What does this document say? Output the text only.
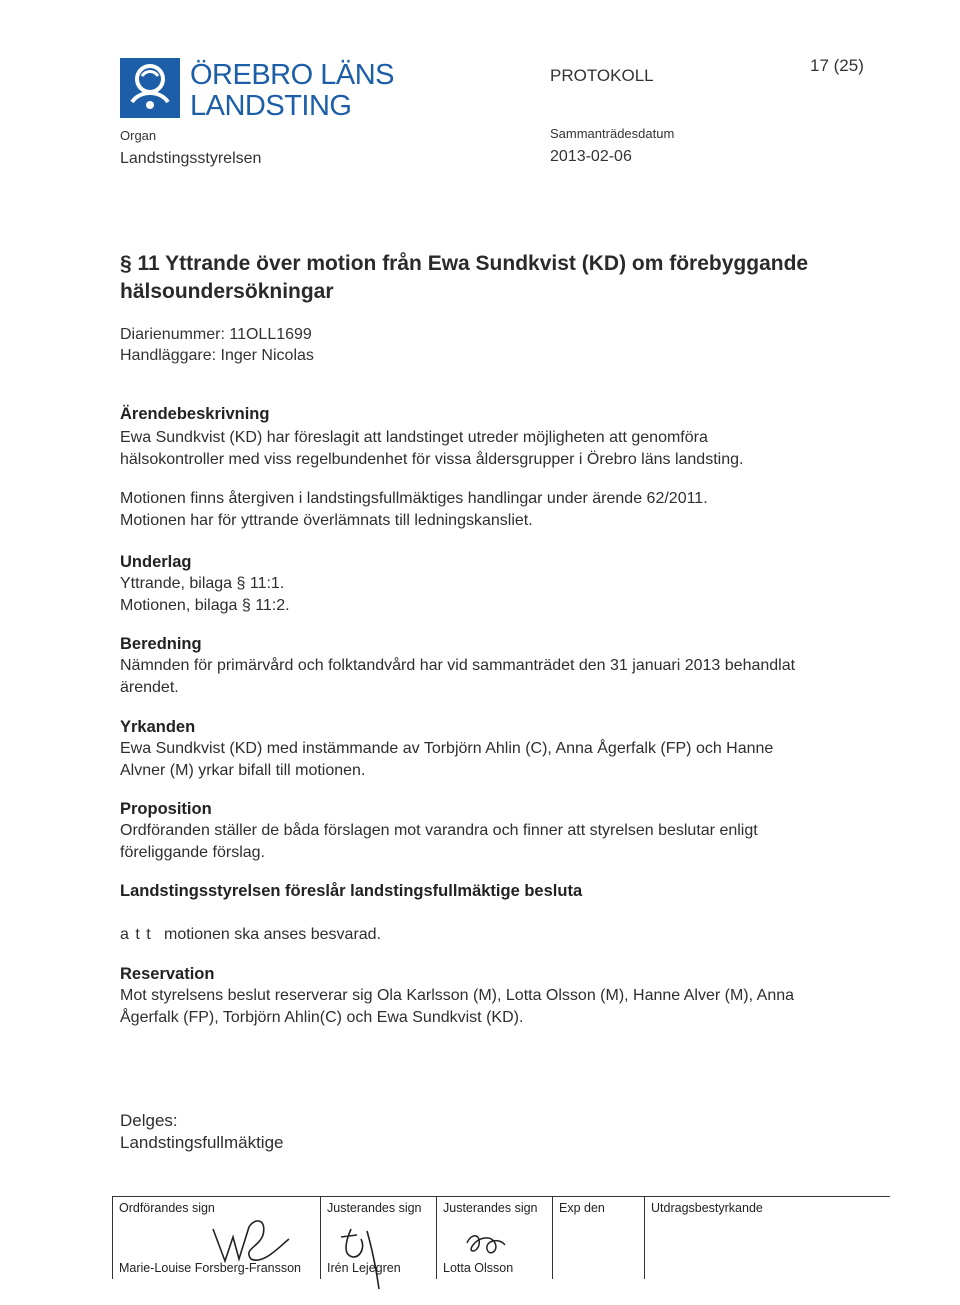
ÖREBRO LÄNS
LANDSTING
PROTOKOLL
17 (25)
Organ
Landstingsstyrelsen
Sammanträdesdatum
2013-02-06
§ 11 Yttrande över motion från Ewa Sundkvist (KD) om förebyggande
hälsoundersökningar
Diarienummer: 11OLL1699
Handläggare: Inger Nicolas
Ärendebeskrivning
Ewa Sundkvist (KD) har föreslagit att landstinget utreder möjligheten att genomföra
hälsokontroller med viss regelbundenhet för vissa åldersgrupper i Örebro läns landsting.
Motionen finns återgiven i landstingsfullmäktiges handlingar under ärende 62/2011.
Motionen har för yttrande överlämnats till ledningskansliet.
Underlag
Yttrande, bilaga § 11:1.
Motionen, bilaga § 11:2.
Beredning
Nämnden för primärvård och folktandvård har vid sammanträdet den 31 januari 2013 behandlat
ärendet.
Yrkanden
Ewa Sundkvist (KD) med instämmande av Torbjörn Ahlin (C), Anna Ågerfalk (FP) och Hanne
Alvner (M) yrkar bifall till motionen.
Proposition
Ordföranden ställer de båda förslagen mot varandra och finner att styrelsen beslutar enligt
föreliggande förslag.
Landstingsstyrelsen föreslår landstingsfullmäktige besluta
a t t motionen ska anses besvarad.
Reservation
Mot styrelsens beslut reserverar sig Ola Karlsson (M), Lotta Olsson (M), Hanne Alver (M), Anna
Ågerfalk (FP), Torbjörn Ahlin(C) och Ewa Sundkvist (KD).
Delges:
Landstingsfullmäktige
Ordförandes sign
Marie-Louise Forsberg-Fransson
Justerandes sign
Irén Lejegren
Justerandes sign
Lotta Olsson
Exp den	Utdragsbestyrkande
